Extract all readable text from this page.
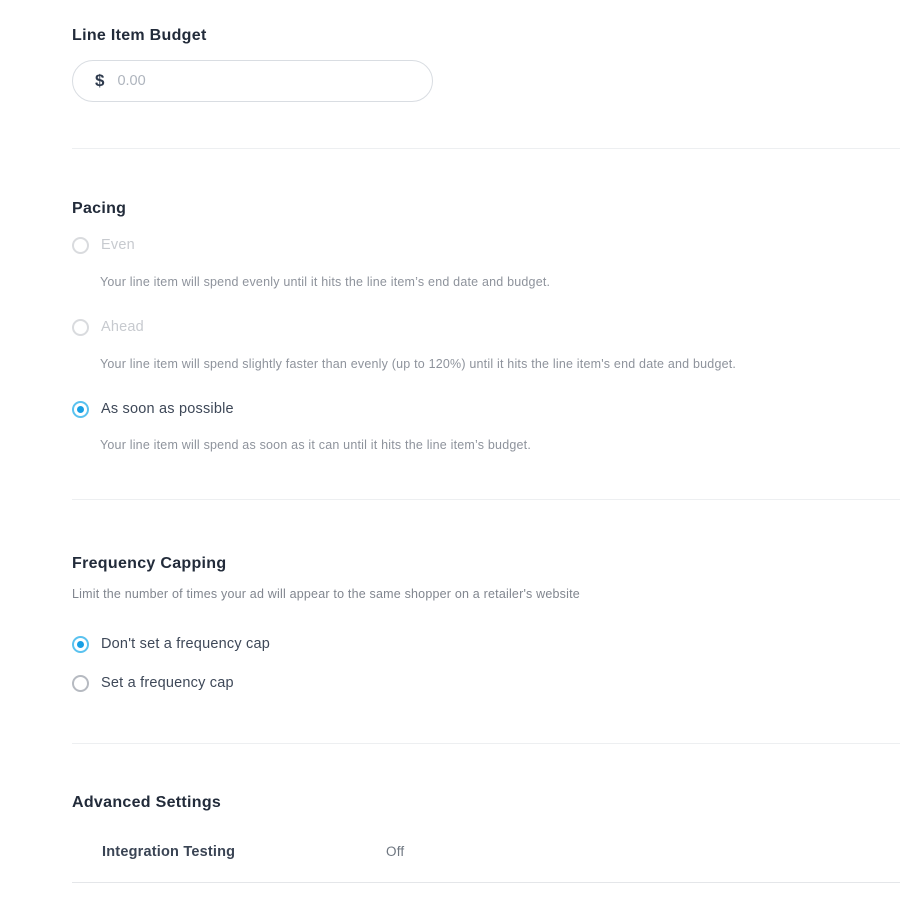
Line Item Budget
$
0.00
Pacing
Even

Your line item will spend evenly until it hits the line item’s end date and budget.

Ahead

Your line item will spend slightly faster than evenly (up to 120%) until it hits the line item's end date and budget.

As soon as possible

Your line item will spend as soon as it can until it hits the line item’s budget.

Frequency Capping

Limit the number of times your ad will appear to the same shopper on a retailer's website

Don't set a frequency cap
Set a frequency cap
Advanced Settings
Integration Testing	Off
